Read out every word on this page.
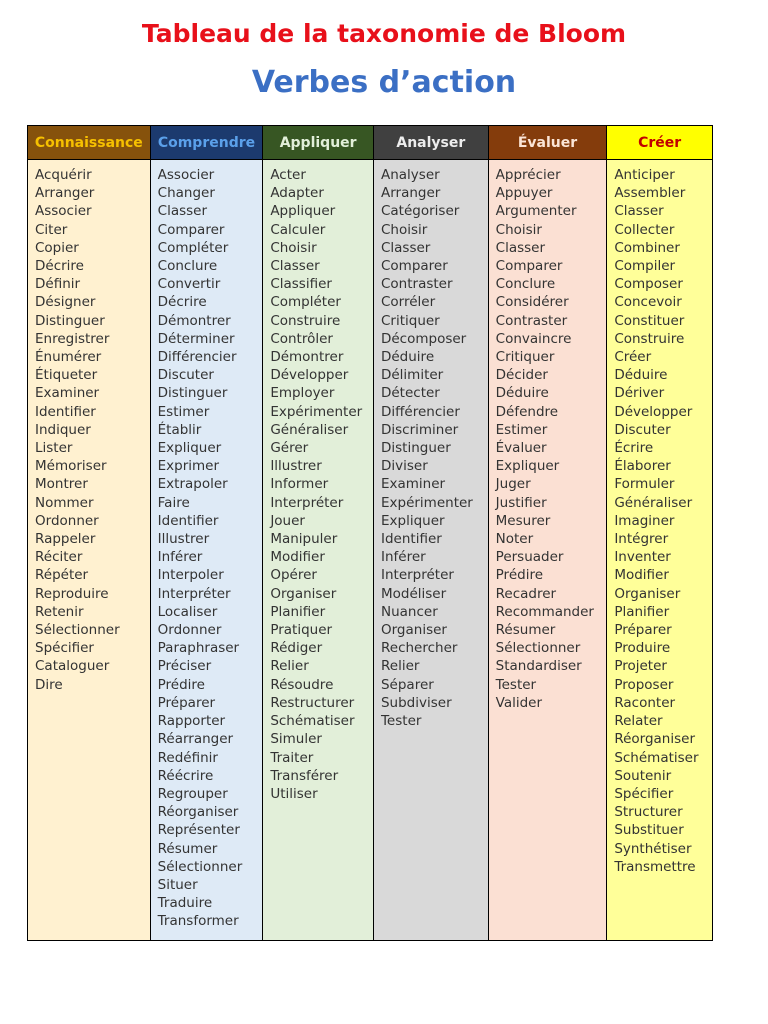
Tableau de la taxonomie de Bloom
Verbes d’action
Connaissance
Acquérir
Arranger
Associer
Citer
Copier
Décrire
Définir
Désigner
Distinguer
Enregistrer
Énumérer
Étiqueter
Examiner
Identifier
Indiquer
Lister
Mémoriser
Montrer
Nommer
Ordonner
Rappeler
Réciter
Répéter
Reproduire
Retenir
Sélectionner
Spécifier
Cataloguer
Dire
Comprendre
Associer
Changer
Classer
Comparer
Compléter
Conclure
Convertir
Décrire
Démontrer
Déterminer
Différencier
Discuter
Distinguer
Estimer
Établir
Expliquer
Exprimer
Extrapoler
Faire
Identifier
Illustrer
Inférer
Interpoler
Interpréter
Localiser
Ordonner
Paraphraser
Préciser
Prédire
Préparer
Rapporter
Réarranger
Redéfinir
Réécrire
Regrouper
Réorganiser
Représenter
Résumer
Sélectionner
Situer
Traduire
Transformer
Appliquer
Acter
Adapter
Appliquer
Calculer
Choisir
Classer
Classifier
Compléter
Construire
Contrôler
Démontrer
Développer
Employer
Expérimenter
Généraliser
Gérer
Illustrer
Informer
Interpréter
Jouer
Manipuler
Modifier
Opérer
Organiser
Planifier
Pratiquer
Rédiger
Relier
Résoudre
Restructurer
Schématiser
Simuler
Traiter
Transférer
Utiliser
Analyser
Analyser
Arranger
Catégoriser
Choisir
Classer
Comparer
Contraster
Corréler
Critiquer
Décomposer
Déduire
Délimiter
Détecter
Différencier
Discriminer
Distinguer
Diviser
Examiner
Expérimenter
Expliquer
Identifier
Inférer
Interpréter
Modéliser
Nuancer
Organiser
Rechercher
Relier
Séparer
Subdiviser
Tester
Évaluer
Apprécier
Appuyer
Argumenter
Choisir
Classer
Comparer
Conclure
Considérer
Contraster
Convaincre
Critiquer
Décider
Déduire
Défendre
Estimer
Évaluer
Expliquer
Juger
Justifier
Mesurer
Noter
Persuader
Prédire
Recadrer
Recommander
Résumer
Sélectionner
Standardiser
Tester
Valider
Créer
Anticiper
Assembler
Classer
Collecter
Combiner
Compiler
Composer
Concevoir
Constituer
Construire
Créer
Déduire
Dériver
Développer
Discuter
Écrire
Élaborer
Formuler
Généraliser
Imaginer
Intégrer
Inventer
Modifier
Organiser
Planifier
Préparer
Produire
Projeter
Proposer
Raconter
Relater
Réorganiser
Schématiser
Soutenir
Spécifier
Structurer
Substituer
Synthétiser
Transmettre
